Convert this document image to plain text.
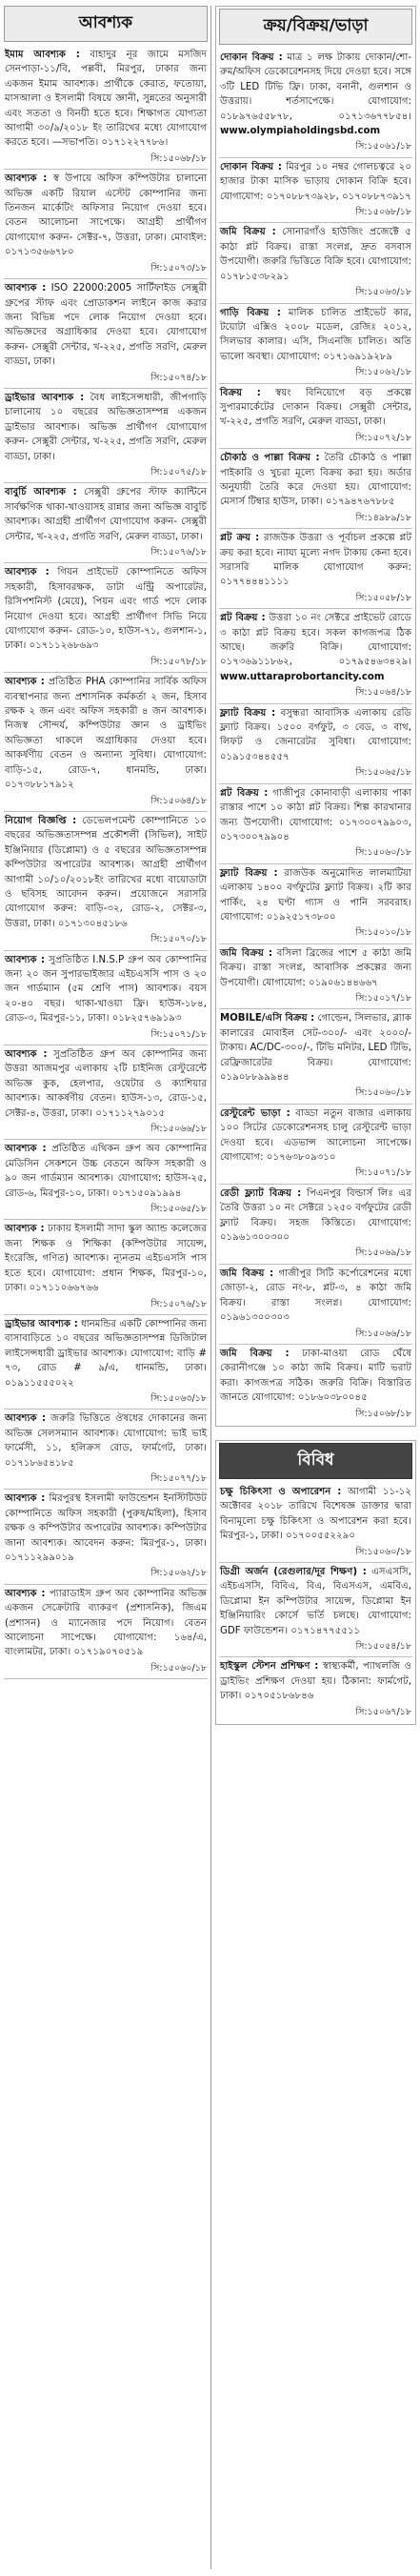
আবশ্যক

ইমাম আবশ্যক : বাহাদুর নূর জামে মসজিদ সেনপাড়া-১১/বি, পল্লবী, মিরপুর, ঢাকার জন্য একজন ইমাম আবশ্যক। প্রার্থীকে কেরাত, ফতোয়া, মাসআলা ও ইসলামী বিষয়ে জ্ঞানী, সুন্নতের অনুসারী এবং সততা ও বিনয়ী হতে হবে। শিক্ষাগত যোগ্যতা আগামী ৩০/৯/২০১৮ ইং তারিখের মধ্যে যোগাযোগ করতে হবে। —সভাপতি। ০১৭১২২৭৭৮৬।
সি:১৫০৬৮/১৮

আবশ্যক : স্ব উপায়ে অফিস কম্পিউটার চালানো অভিজ্ঞ একটি রিয়াল এস্টেট কোম্পানির জন্য তিনজন মার্কেটিং অফিসার নিয়োগ দেওয়া হবে। বেতন আলোচনা সাপেক্ষে। আগ্রহী প্রার্থীগণ যোগাযোগ করুন- সেক্টর-৭, উত্তরা, ঢাকা। মোবাইল: ০১৭১৩৫৬৬৭৮০
সি:১৫০৭৩/১৮

আবশ্যক : ISO 22000:2005 সার্টিফাইড সেক্সুরী গ্রুপের স্টাফ এবং প্রোডাকশন লাইনে কাজ করার জন্য বিভিন্ন পদে লোক নিয়োগ দেওয়া হবে। অভিজ্ঞদের অগ্রাধিকার দেওয়া হবে। যোগাযোগ করুন- সেক্সুরী সেন্টার, খ-২২৫, প্রগতি সরণি, মেরুল বাড্ডা, ঢাকা।
সি:১৫০৭৪/১৮

ড্রাইভার আবশ্যক : বৈধ লাইসেন্সধারী, জীপগাড়ি চালানোয় ১০ বছরের অভিজ্ঞতাসম্পন্ন একজন ড্রাইভার আবশ্যক। অভিজ্ঞ প্রার্থীগণ যোগাযোগ করুন- সেক্সুরী সেন্টার, খ-২২৫, প্রগতি সরণি, মেরুল বাড্ডা, ঢাকা।
সি:১৫০৭৫/১৮

বাবুর্চি আবশ্যক : সেক্সুরী গ্রুপের স্টাফ ক্যান্টিনে সার্বক্ষণিক থাকা-খাওয়াসহ রান্নার জন্য অভিজ্ঞ বাবুর্চি আবশ্যক। আগ্রহী প্রার্থীগণ যোগাযোগ করুন- সেক্সুরী সেন্টার, খ-২২৫, প্রগতি সরণি, মেরুল বাড্ডা, ঢাকা।
সি:১৫০৭৬/১৮

আবশ্যক : গিয়ন প্রাইভেট কোম্পানিতে অফিস সহকারী, হিসাবরক্ষক, ডাটা এন্ট্রি অপারেটর, রিসিপশনিস্ট (মেয়ে), পিয়ন এবং গার্ড পদে লোক নিয়োগ দেওয়া হবে। আগ্রহী প্রার্থীগণ সিভি নিয়ে যোগাযোগ করুন- রোড-১০, হাউস-৭১, গুলশান-১, ঢাকা। ০১৭১১২৬৮৬৯৩
সি:১৫০৭৮/১৮

আবশ্যক : প্রতিষ্ঠিত PHA কোম্পানির সার্বিক অফিস ব্যবস্থাপনার জন্য প্রশাসনিক কর্মকর্তা ২ জন, হিসাব রক্ষক ২ জন এবং অফিস সহকারী ৪ জন আবশ্যক। নিজস্ব সৌন্দর্য, কম্পিউটার জ্ঞান ও ড্রাইভিং অভিজ্ঞতা থাকলে অগ্রাধিকার দেওয়া হবে। আকর্ষণীয় বেতন ও অন্যান্য সুবিধা। যোগাযোগ: বাড়ি-১৫, রোড-৭, ধানমন্ডি, ঢাকা। ০১৭৩৮৮১৭৯১২
সি:১৫০৬৪/১৮

নিয়োগ বিজ্ঞপ্তি : ডেভেলপমেন্ট কোম্পানিতে ১০ বছরের অভিজ্ঞতাসম্পন্ন প্রকৌশলী (সিভিল), সাইট ইঞ্জিনিয়ার (ডিপ্লোমা) ও ৫ বছরের অভিজ্ঞতাসম্পন্ন কম্পিউটার অপারেটর আবশ্যক। আগ্রহী প্রার্থীগণ আগামী ১০/১০/২০১৮ইং তারিখের মধ্যে বায়োডাটা ও ছবিসহ আবেদন করুন। প্রয়োজনে সরাসরি যোগাযোগ করুন: বাড়ি-৩২, রোড-২, সেক্টর-৩, উত্তরা, ঢাকা। ০১৭১৩০৪৫১৮৬
সি:১৫০৭০/১৮

আবশ্যক : সুপ্রতিষ্ঠিত I.N.S.P গ্রুপ অব কোম্পানির জন্য ২০ জন সুপারভাইজার এইচএসসি পাস ও ২০ জন গার্ডম্যান (৫ম শ্রেণি পাস) আবশ্যক। বয়স ২০-৪০ বছর। থাকা-খাওয়া ফ্রি। হাউস-১৮৪, রোড-৩, মিরপুর-১১, ঢাকা। ০১৮২৫৭৬৯১৯৩
সি:১৫০৭১/১৮

আবশ্যক : সুপ্রতিষ্ঠিত গ্রুপ অব কোম্পানির জন্য উত্তরা আজমপুর এলাকায় ২টি চাইনিজ রেস্টুরেন্টে অভিজ্ঞ কুক, হেলপার, ওয়েটার ও ক্যাশিয়ার আবশ্যক। আকর্ষণীয় বেতন। হাউস-১৩, রোড-১৫, সেক্টর-৪, উত্তরা, ঢাকা। ০১৭১১২৭৯০১৫
সি:১৫০৬৬/১৮

আবশ্যক : প্রতিষ্ঠিত এথিকন গ্রুপ অব কোম্পানির মেডিসিন সেকশনে উচ্চ বেতনে অফিস সহকারী ও ৯০ জন গার্ডম্যান আবশ্যক। যোগাযোগ: হাউস-২৫, রোড-৬, মিরপুর-১০, ঢাকা। ০১৭১৫০৯১৯৯৪
সি:১৫০৬৫/১৮

আবশ্যক : ঢাকায় ইসলামী সাদা স্কুল অ্যান্ড কলেজের জন্য শিক্ষক ও শিক্ষিকা (কম্পিউটার সায়েন্স, ইংরেজি, গণিত) আবশ্যক। ন্যূনতম এইচএসসি পাস হতে হবে। যোগাযোগ: প্রধান শিক্ষক, মিরপুর-১০, ঢাকা। ০১৭১১০৬৬৭৬৬
সি:১৫০৭৬/১৮

ড্রাইভার আবশ্যক : ধানমন্ডির একটি কোম্পানির জন্য বাসাবাড়িতে ১০ বছরের অভিজ্ঞতাসম্পন্ন ডিজিটাল লাইসেন্সধারী ড্রাইভার আবশ্যক। যোগাযোগ: বাড়ি # ৭৩, রোড # ৯/এ, ধানমন্ডি, ঢাকা। ০১৯১১৫৫৫০২২
সি:১৫০৬৩/১৮

আবশ্যক : জরুরি ভিত্তিতে ঔষধের দোকানের জন্য অভিজ্ঞ সেলসম্যান আবশ্যক। যোগাযোগ: ভাই ভাই ফার্মেসী, ১১, হলিক্রস রোড, ফার্মগেট, ঢাকা। ০১৭১৮৬৫৪১৮৫
সি:১৫০৭৭/১৮

আবশ্যক : মিরপুরস্থ ইসলামী ফাউন্ডেশন ইনস্টিটিউট কোম্পানিতে অফিস সহকারী (পুরুষ/মহিলা), হিসাব রক্ষক ও কম্পিউটার অপারেটর আবশ্যক। কম্পিউটার জানা আবশ্যক। আবেদন করুন: মিরপুর-১, ঢাকা। ০১৭১১২৯৯০১৯
সি:১৫০৬২/১৮

আবশ্যক : প্যারাডাইস গ্রুপ অব কোম্পানির অভিজ্ঞ একজন সেক্রেটারি ব্যাকরণ (প্রশাসনিক), জিএম (প্রশাসন) ও ম্যানেজার পদে নিয়োগ। বেতন আলোচনা সাপেক্ষে। যোগাযোগ: ১৬৪/এ, বাংলামটর, ঢাকা। ০১৭১৯০৭০৫১৯
সি:১৫০৬০/১৮

ক্রয়/বিক্রয়/ভাড়া

দোকান বিক্রয় : মাত্র ১ লক্ষ টাকায় দোকান/শো-রুম/অফিস ডেকোরেশনসহ দিয়ে দেওয়া হবে। সঙ্গে ৩টি LED টিভি ফ্রি। ঢাকা, বনানী, গুলশান ও উত্তরায়। শর্তসাপেক্ষে। যোগাযোগ: ০১৮৯৭৬৫৫৮৭৮, ০১৭১৩৬৭৭৮৫৪। www.olympiaholdingsbd.com
সি:১৫০৬১/১৮

দোকান বিক্রয় : মিরপুর ১০ নম্বর গোলচত্বরে ২০ হাজার টাকা মাসিক ভাড়ায় দোকান বিক্রি হবে। যোগাযোগ: ০১৭০৮৮৭৩৯২৮, ০১৭০৮৮৭৩৯১৭
সি:১৫০৬৮/১৮

জমি বিক্রয় : সোনারগাঁও হাউজিং প্রজেক্টে ৫ কাঠা প্লট বিক্রয়। রাস্তা সংলগ্ন, দ্রুত বসবাস উপযোগী। জরুরি ভিত্তিতে বিক্রি হবে। যোগাযোগ: ০১৭৮১৫৩৮২৯১
সি:১৫০৬৩/১৮

গাড়ি বিক্রয় : মালিক চালিত প্রাইভেট কার, টয়োটা এক্সিও ২০০৮ মডেল, রেজিঃ ২০১২, সিলভার কালার। এসি, সিএনজি চালিত। অতি ভালো অবস্থা। যোগাযোগ: ০১৭১৬৯১৯২৮৯
সি:১৫০৬২/১৮

বিক্রয় : স্বয়ং বিনিয়োগে বড় প্রকল্পে সুপারমার্কেটের দোকান বিক্রয়। সেক্সুরী সেন্টার, খ-২২৫, প্রগতি সরণি, মেরুল বাড্ডা, ঢাকা।
সি:১৫০৭২/১৮

চৌকাঠ ও পাল্লা বিক্রয় : তৈরি চৌকাঠ ও পাল্লা পাইকারি ও খুচরা মূল্যে বিক্রয় করা হয়। অর্ডার অনুযায়ী তৈরি করে দেওয়া হয়। যোগাযোগ: মেসার্স টিম্বার হাউস, ঢাকা। ০১৭৯৪৭৬৭৮৮৫
সি:১৪৯৮৯/১৮

প্লট ক্রয় : রাজউক উত্তরা ও পূর্বাচল প্রকল্পে প্লট ক্রয় করা হবে। ন্যায্য মূল্যে নগদ টাকায় কেনা হবে। সরাসরি মালিক যোগাযোগ করুন: ০১৭৭৪৪৪১১১১
সি:১৫০৫৮/১৮

প্লট বিক্রয় : উত্তরা ১০ নং সেক্টরে প্রাইভেট রোডে ৩ কাঠা প্লট বিক্রয় হবে। সকল কাগজপত্র ঠিক আছে। জরুরি বিক্রি। যোগাযোগ: ০১৭৩৬৯১১৮৬২, ০১৭৯৫৪৬৩৪২৯। www.uttaraprobortancity.com
সি:১৫০৬৪/১৮

ফ্ল্যাট বিক্রয় : বসুন্ধরা আবাসিক এলাকায় রেডি ফ্ল্যাট বিক্রয়। ১৫০০ বর্গফুট, ৩ বেড, ৩ বাথ, লিফট ও জেনারেটর সুবিধা। যোগাযোগ: ০১৯১৫৩৪৪৫৫৭
সি:১৫০৬৫/১৮

প্লট বিক্রয় : গাজীপুর কোনাবাড়ী এলাকায় পাকা রাস্তার পাশে ১০ কাঠা প্লট বিক্রয়। শিল্প কারখানার জন্য উপযোগী। যোগাযোগ: ০১৭৩০০৭৯৯০৩, ০১৭৩০০৭৯৯০৪
সি:১৫০৬০/১৮

ফ্ল্যাট বিক্রয় : রাজউক অনুমোদিত লালমাটিয়া এলাকায় ১৪০০ বর্গফুটের ফ্ল্যাট বিক্রয়। ২টি কার পার্কিং, ২৪ ঘণ্টা গ্যাস ও পানি সরবরাহ। যোগাযোগ: ০১৯২৫১৭৩৮০০
সি:১৫০১০/১৮

জমি বিক্রয় : বসিলা ব্রিজের পাশে ৫ কাঠা জমি বিক্রয়। রাস্তা সংলগ্ন, আবাসিক প্রকল্পের জন্য উপযোগী। যোগাযোগ: ০১৯০৬১৪৪৬৬৭
সি:১৫০১৭/১৮

MOBILE/এসি বিক্রয় : গোল্ডেন, সিলভার, ব্ল্যাক কালারের মোবাইল সেট-৩০০/- এবং ২০০০/- টাকায়। AC/DC-৩০০/-, টিভি মনিটর, LED টিভি, রেফ্রিজারেটর বিক্রয়। যোগাযোগ: ০১৯০৮৮৯৯৯৪৪
সি:১৫০৬০/১৮

রেস্টুরেন্ট ভাড়া : বাড্ডা নতুন বাজার এলাকায় ১০০ সিটের ডেকোরেশনসহ চালু রেস্টুরেন্ট ভাড়া দেওয়া হবে। এডভান্স আলোচনা সাপেক্ষে। যোগাযোগ: ০১৭৬৩৮০৯৩১০
সি:১৫০৭১/১৮

রেডী ফ্ল্যাট বিক্রয় : পিএনপুর বিল্ডার্স লিঃ এর তৈরি উত্তরা ১০ নং সেক্টরে ১২৫০ বর্গফুটের রেডী ফ্ল্যাট বিক্রয়। সহজ কিস্তিতে। যোগাযোগ: ০১৯৬১৩০০৩০০
সি:১৫০৬৯/১৮

জমি বিক্রয় : গাজীপুর সিটি কর্পোরেশনের মধ্যে জোড়া-২, রোড নং-৮, প্লট-৩, ৪ কাঠা জমি বিক্রয়। রাস্তা সংলগ্ন। যোগাযোগ: ০১৯৬১৩০০৩০৩
সি:১৫০৬৬/১৮

জমি বিক্রয় : ঢাকা-মাওয়া রোড ঘেঁষে কেরানীগঞ্জে ১০ কাঠা জমি বিক্রয়। মাটি ভরাট করা। কাগজপত্র সঠিক। জরুরি বিক্রি। বিস্তারিত জানতে যোগাযোগ: ০১৮৬০৩৮০০৪৫
সি:১৫০৬৮/১৮

বিবিধ

চক্ষু চিকিৎসা ও অপারেশন : আগামী ১১-১২ অক্টোবর ২০১৮ তারিখে বিশেষজ্ঞ ডাক্তার দ্বারা বিনামূল্যে চক্ষু চিকিৎসা ও অপারেশন করা হবে। মিরপুর-১, ঢাকা। ০১৭০০৫৫২২৯০
সি:১৫০৬০/১৮

ডিগ্রী অর্জন (রেগুলার/দূর শিক্ষণ) : এসএসসি, এইচএসসি, বিবিএ, বিএ, বিএসএস, এমবিএ, ডিপ্লোমা ইন কম্পিউটার সায়েন্স, ডিপ্লোমা ইন ইঞ্জিনিয়ারিং কোর্সে ভর্তি চলছে। যোগাযোগ: GDF ফাউন্ডেশন। ০১৭১৪৭৭৫৫১১
সি:১৫০৫৪/১৮

হাইস্কুল স্টেশন প্রশিক্ষণ : স্বাস্থ্যকর্মী, প্যাথলজি ও ড্রাইভিং প্রশিক্ষণ দেওয়া হয়। ঠিকানা: ফার্মগেট, ঢাকা। ০১৭০৫১৮৬৮৪৬
সি:১৫০৬৭/১৮
